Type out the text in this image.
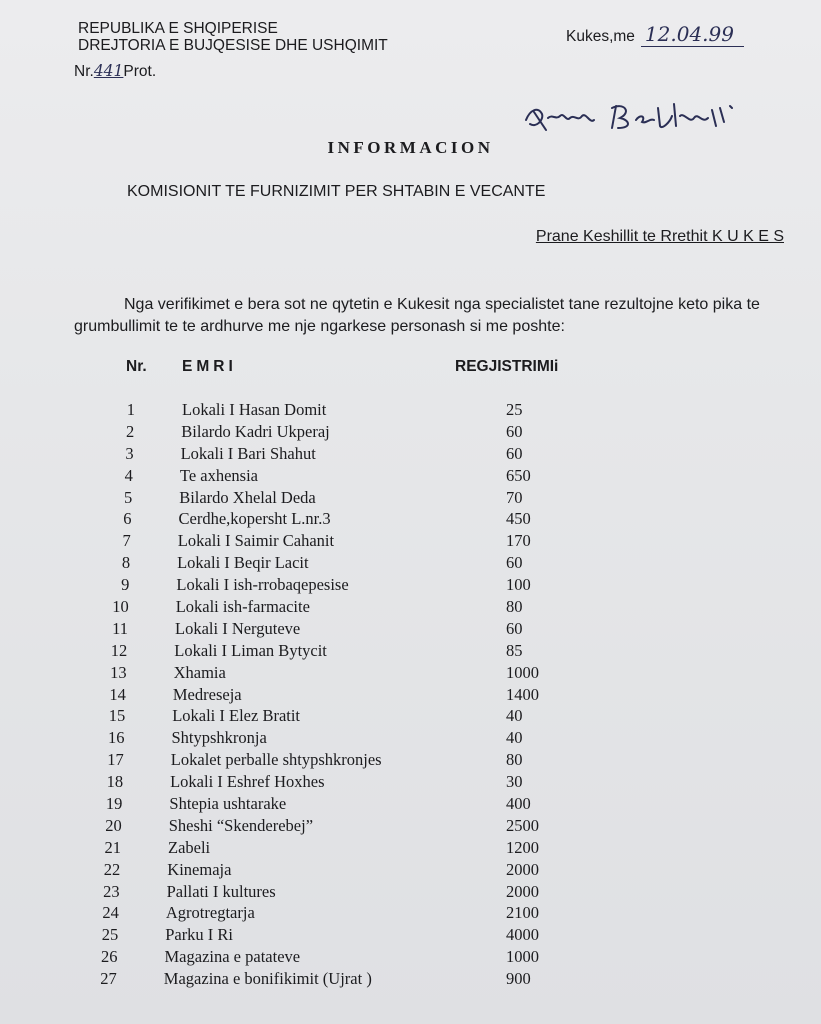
REPUBLIKA E SHQIPERISE
DREJTORIA E BUJQESISE DHE USHQIMIT
Nr.441Prot.
Kukes,me 12.04.99
INFORMACION
KOMISIONIT TE FURNIZIMIT PER SHTABIN E VECANTE
Prane Keshillit te Rrethit K U K E S
Nga verifikimet e bera sot ne qytetin e Kukesit nga specialistet tane rezultojne keto pika te grumbullimit te te ardhurve me nje ngarkese personash si me poshte:
Nr. EMRI	REGJISTRIMIi
1	Lokali I Hasan Domit	25
2	Bilardo Kadri Ukperaj	60
3	Lokali I Bari Shahut	60
4	Te axhensia	650
5	Bilardo Xhelal Deda	70
6	Cerdhe,kopersht L.nr.3	450
7	Lokali I Saimir Cahanit	170
8	Lokali I Beqir Lacit	60
9	Lokali I ish-rrobaqepesise	100
10	Lokali ish-farmacite	80
11	Lokali I Nerguteve	60
12	Lokali I Liman Bytycit	85
13	Xhamia	1000
14	Medreseja	1400
15	Lokali I Elez Bratit	40
16	Shtypshkronja	40
17	Lokalet perballe shtypshkronjes	80
18	Lokali I Eshref Hoxhes	30
19	Shtepia ushtarake	400
20	Sheshi “Skenderebej”	2500
21	Zabeli	1200
22	Kinemaja	2000
23	Pallati I kultures	2000
24	Agrotregtarja	2100
25	Parku I Ri	4000
26	Magazina e patateve	1000
27	Magazina e bonifikimit (Ujrat )	900
